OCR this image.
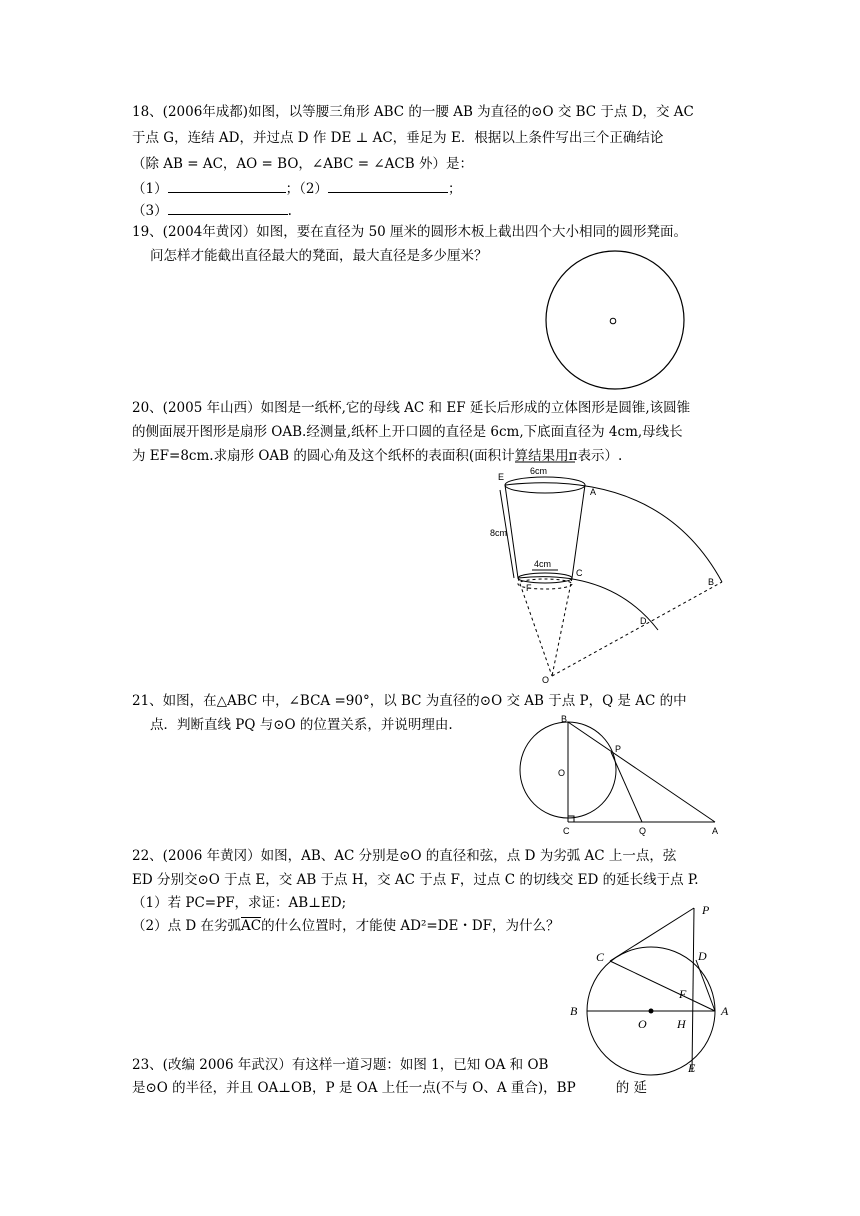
18、(2006年成都)如图，以等腰三角形 ABC 的一腰 AB 为直径的⊙O 交 BC 于点 D，交 AC
于点 G，连结 AD，并过点 D 作 DE ⊥ AC，垂足为 E．根据以上条件写出三个正确结论
（除 AB = AC，AO = BO，∠ABC = ∠ACB 外）是：
（1）	；（2）	；
（3）	.
19、(2004年黄冈）如图，要在直径为 50 厘米的圆形木板上截出四个大小相同的圆形凳面。
问怎样才能截出直径最大的凳面，最大直径是多少厘米？
20、(2005 年山西）如图是一纸杯,它的母线 AC 和 EF 延长后形成的立体图形是圆锥,该圆锥
的侧面展开图形是扇形 OAB.经测量,纸杯上开口圆的直径是 6cm,下底面直径为 4cm,母线长
为 EF=8cm.求扇形 OAB 的圆心角及这个纸杯的表面积(面积计算结果用π表示）.
E
A
6cm
8cm
4cm
F
C
B
D
O
21、如图，在△ABC 中，∠BCA =90°，以 BC 为直径的⊙O 交 AB 于点 P，Q 是 AC 的中
点．判断直线 PQ 与⊙O 的位置关系，并说明理由.	B
P
O
C	Q	A
22、(2006 年黄冈）如图，AB、AC 分别是⊙O 的直径和弦，点 D 为劣弧 AC 上一点，弦
ED 分别交⊙O 于点 E，交 AB 于点 H，交 AC 于点 F，过点 C 的切线交 ED 的延长线于点 P.
（1）若 PC=PF，求证：AB⊥ED;
（2）点 D 在劣弧$\overline{AC}$的什么位置时，才能使 AD²=DE・DF，为什么？
P
C	D
F
B
O	H
A
E
23、(改编 2006 年武汉）有这样一道习题：如图 1，已知 OA 和 OB
是⊙O 的半径，并且 OA⊥OB，P 是 OA 上任一点(不与 O、A 重合)，BP	的 延
